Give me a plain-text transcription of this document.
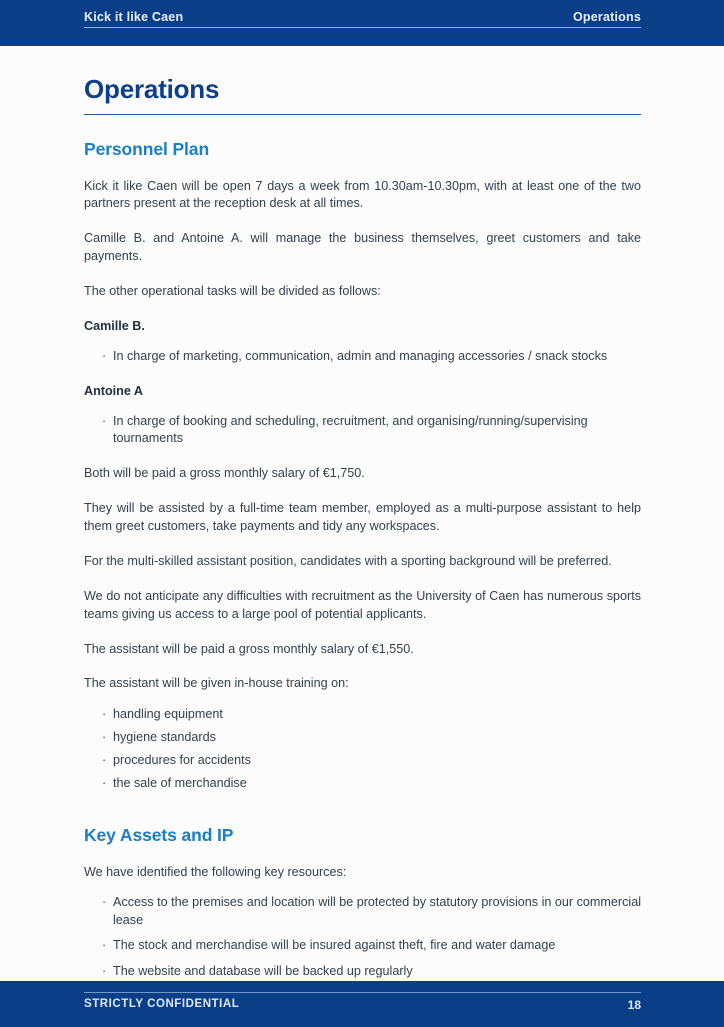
Kick it like Caen	Operations
Operations
Personnel Plan

Kick it like Caen will be open 7 days a week from 10.30am-10.30pm, with at least one of the two partners present at the reception desk at all times.

Camille B. and Antoine A. will manage the business themselves, greet customers and take payments.

The other operational tasks will be divided as follows:

Camille B.

· In charge of marketing, communication, admin and managing accessories / snack stocks

Antoine A

· In charge of booking and scheduling, recruitment, and organising/running/supervising tournaments

Both will be paid a gross monthly salary of €1,750.

They will be assisted by a full-time team member, employed as a multi-purpose assistant to help them greet customers, take payments and tidy any workspaces.

For the multi-skilled assistant position, candidates with a sporting background will be preferred.

We do not anticipate any difficulties with recruitment as the University of Caen has numerous sports teams giving us access to a large pool of potential applicants.

The assistant will be paid a gross monthly salary of €1,550.

The assistant will be given in-house training on:

· handling equipment
· hygiene standards
· procedures for accidents
· the sale of merchandise
Key Assets and IP

We have identified the following key resources:

· Access to the premises and location will be protected by statutory provisions in our commercial lease
· The stock and merchandise will be insured against theft, fire and water damage
· The website and database will be backed up regularly
STRICTLY CONFIDENTIAL	18
